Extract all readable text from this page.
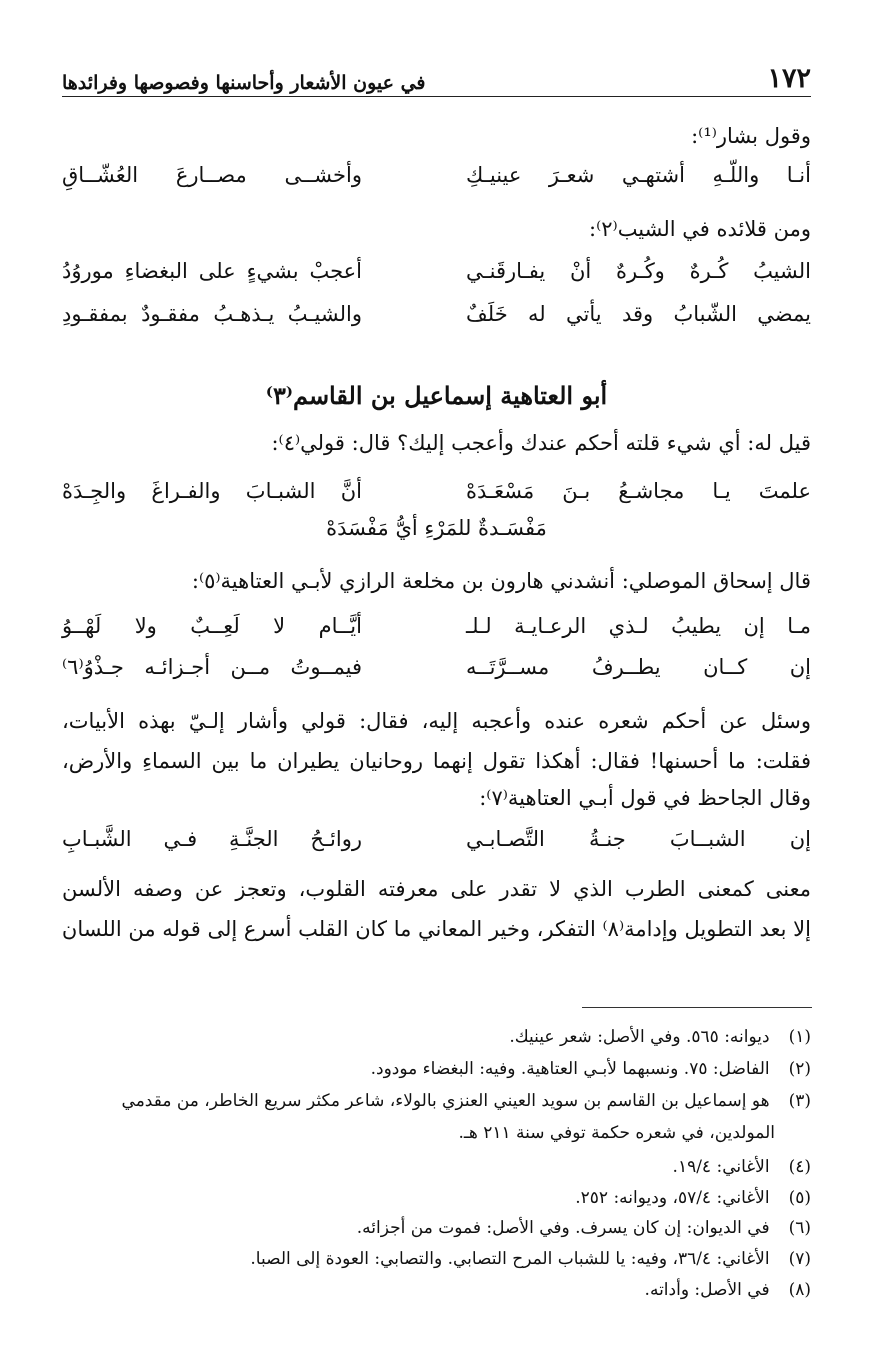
١٧٢
في عيون الأشعار وأحاسنها وفصوصها وفرائدها
وقول بشار⁽¹⁾:
أنـا واللّـهِ أشتهـي شعـرَ عينيـكِ
وأخشــى مصــارعَ العُشّــاقِ
ومن قلائده في الشيب⁽٢⁾:
الشيبُ كُـرهٌ وكُـرهٌ أنْ يفـارقَنـي
أعجبْ بشيءٍ على البغضاءِ موروُدُ
يمضي الشّبابُ وقد يأتي له خَلَفٌ
والشيـبُ يـذهـبُ مفقـودٌ بمفقـودِ
أبو العتاهية إسماعيل بن القاسم⁽٣⁾
قيل له: أي شيء قلته أحكم عندك وأعجب إليك؟ قال: قولي⁽٤⁾:
علمتَ يـا مجاشـعُ بـنَ مَسْعَـدَهْ
أنَّ الشبـابَ والفـراغَ والجِـدَهْ
مَفْسَـدةٌ للمَرْءِ أيُّ مَفْسَدَهْ
قال إسحاق الموصلي: أنشدني هارون بن مخلعة الرازي لأبـي العتاهية⁽٥⁾:
مـا إن يطيبُ لـذي الرعـايـة لـلـ
أيَّــام لا لَعِــبٌ ولا لَهْــوُ
إن كــان يطــرفُ مســرَّتَــه
فيمــوتُ مــن أجـزائـه جـذْوُ⁽٦⁾
وسئل عن أحكم شعره عنده وأعجبه إليه، فقال: قولي وأشار إلـيّ بهذه الأبيات،
فقلت: ما أحسنها! فقال: أهكذا تقول إنهما روحانيان يطيران ما بين السماءِ والأرض،
وقال الجاحظ في قول أبـي العتاهية⁽٧⁾:
إن الشبــابَ جنـةُ التَّصـابـي
روائـحُ الجنَّـةِ فـي الشَّبـابِ
معنى كمعنى الطرب الذي لا تقدر على معرفته القلوب، وتعجز عن وصفه الألسن
إلا بعد التطويل وإدامة⁽٨⁾ التفكر، وخير المعاني ما كان القلب أسرع إلى قوله من اللسان
(١) ديوانه: ٥٦٥. وفي الأصل: شعر عينيك.
(٢) الفاضل: ٧٥. ونسبهما لأبـي العتاهية. وفيه: البغضاء مودود.
(٣) هو إسماعيل بن القاسم بن سويد العيني العنزي بالولاء، شاعر مكثر سريع الخاطر، من مقدمي
المولدين، في شعره حكمة توفي سنة ٢١١ هـ.
(٤) الأغاني: ١٩/٤.
(٥) الأغاني: ٥٧/٤، وديوانه: ٢٥٢.
(٦) في الديوان: إن كان يسرف. وفي الأصل: فموت من أجزائه.
(٧) الأغاني: ٣٦/٤، وفيه: يا للشباب المرح التصابي. والتصابي: العودة إلى الصبا.
(٨) في الأصل: وأداته.
